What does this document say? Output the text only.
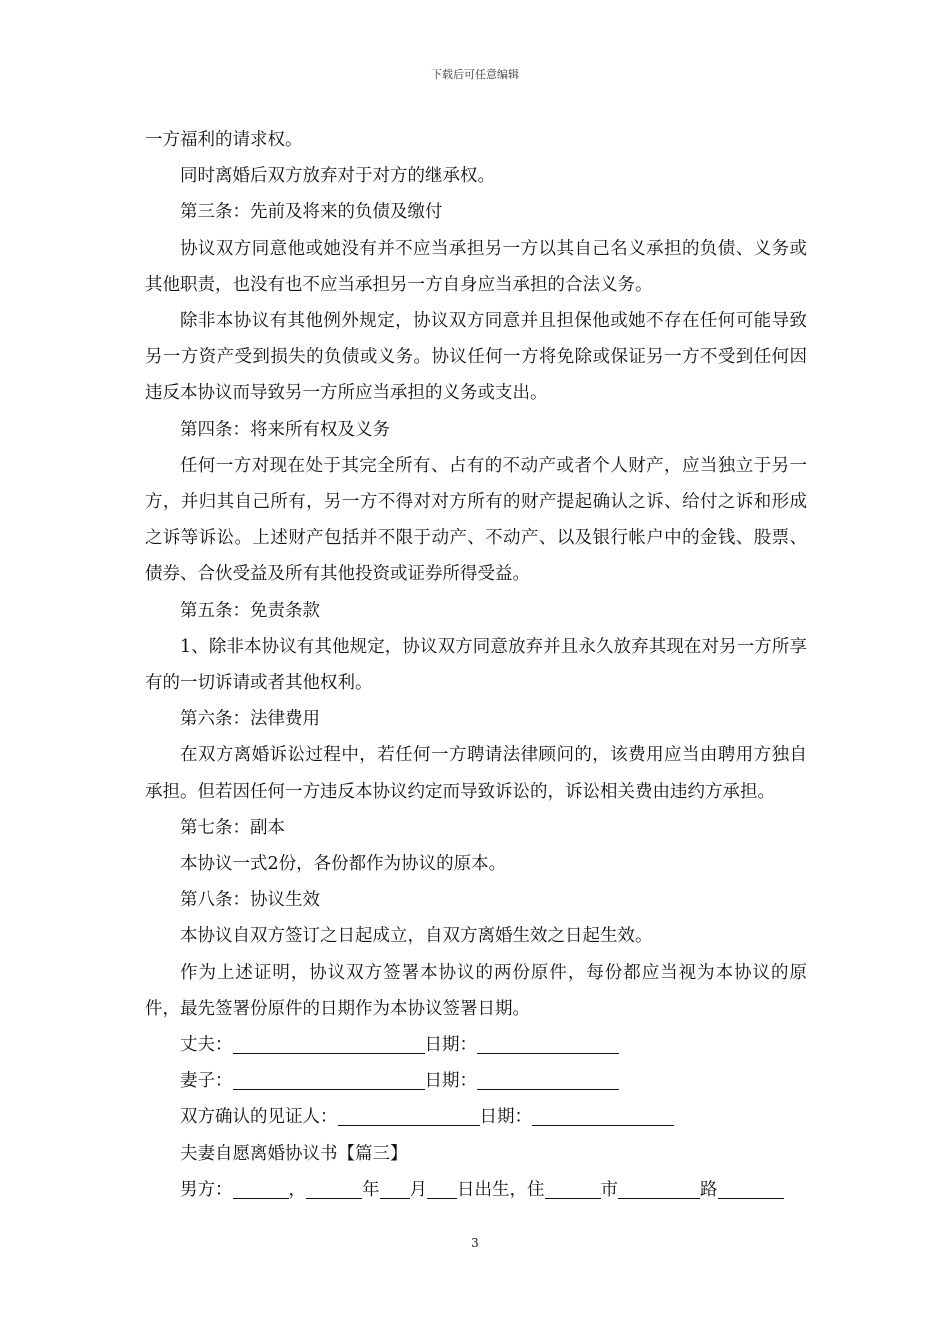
下载后可任意编辑

一方福利的请求权。

同时离婚后双方放弃对于对方的继承权。

第三条：先前及将来的负债及缴付

协议双方同意他或她没有并不应当承担另一方以其自己名义承担的负债、义务或其他职责，也没有也不应当承担另一方自身应当承担的合法义务。

除非本协议有其他例外规定，协议双方同意并且担保他或她不存在任何可能导致另一方资产受到损失的负债或义务。协议任何一方将免除或保证另一方不受到任何因违反本协议而导致另一方所应当承担的义务或支出。

第四条：将来所有权及义务

任何一方对现在处于其完全所有、占有的不动产或者个人财产，应当独立于另一方，并归其自己所有，另一方不得对对方所有的财产提起确认之诉、给付之诉和形成之诉等诉讼。上述财产包括并不限于动产、不动产、以及银行帐户中的金钱、股票、债券、合伙受益及所有其他投资或证券所得受益。

第五条：免责条款

1、除非本协议有其他规定，协议双方同意放弃并且永久放弃其现在对另一方所享有的一切诉请或者其他权利。

第六条：法律费用

在双方离婚诉讼过程中，若任何一方聘请法律顾问的，该费用应当由聘用方独自承担。但若因任何一方违反本协议约定而导致诉讼的，诉讼相关费由违约方承担。

第七条：副本

本协议一式2份，各份都作为协议的原本。

第八条：协议生效

本协议自双方签订之日起成立，自双方离婚生效之日起生效。

作为上述证明，协议双方签署本协议的两份原件，每份都应当视为本协议的原件，最先签署份原件的日期作为本协议签署日期。

丈夫：	日期：

妻子：	日期：

双方确认的见证人：	日期：

夫妻自愿离婚协议书【篇三】

男方：	，	年 月 日出生，住	市	路

3
